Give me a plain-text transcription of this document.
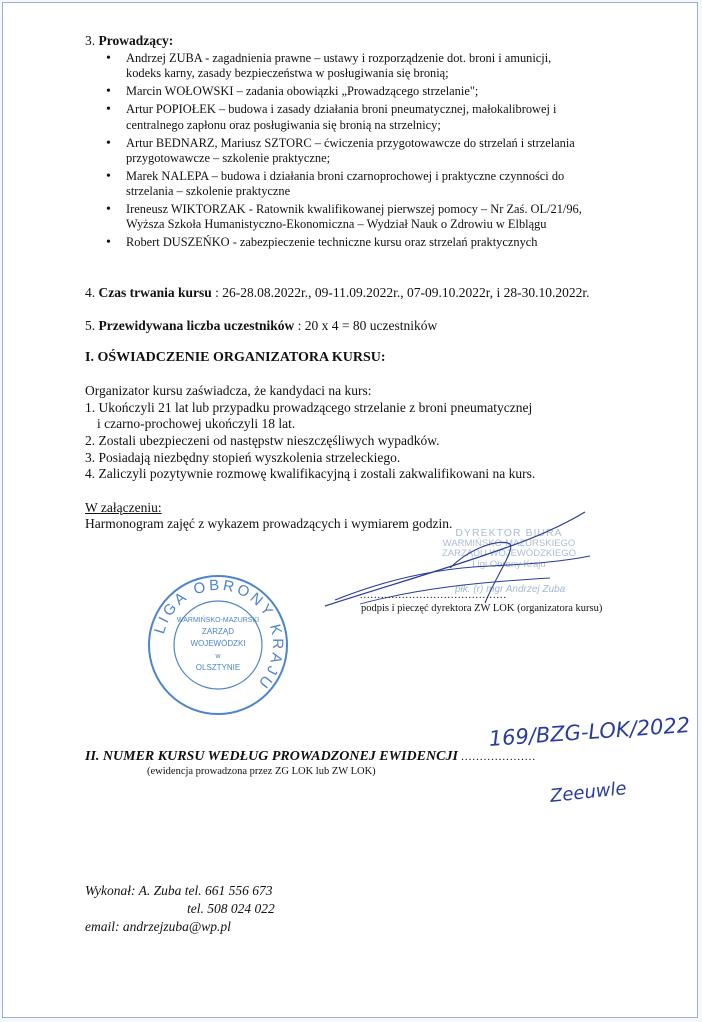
3. Prowadzący:
• Andrzej ZUBA - zagadnienia prawne – ustawy i rozporządzenie dot. broni i amunicji,
kodeks karny, zasady bezpieczeństwa w posługiwania się bronią;
• Marcin WOŁOWSKI – zadania obowiązki „Prowadzącego strzelanie";
• Artur POPIOŁEK – budowa i zasady działania broni pneumatycznej, małokalibrowej i
centralnego zapłonu oraz posługiwania się bronią na strzelnicy;
• Artur BEDNARZ, Mariusz SZTORC – ćwiczenia przygotowawcze do strzelań i strzelania
przygotowawcze – szkolenie praktyczne;
• Marek NALEPA – budowa i działania broni czarnoprochowej i praktyczne czynności do
strzelania – szkolenie praktyczne
• Ireneusz WIKTORZAK - Ratownik kwalifikowanej pierwszej pomocy – Nr Zaś. OL/21/96,
Wyższa Szkoła Humanistyczno-Ekonomiczna – Wydział Nauk o Zdrowiu w Elblągu
• Robert DUSZEŃKO - zabezpieczenie techniczne kursu oraz strzelań praktycznych
4. Czas trwania kursu : 26-28.08.2022r., 09-11.09.2022r., 07-09.10.2022r, i 28-30.10.2022r.
5. Przewidywana liczba uczestników : 20 x 4 = 80 uczestników
I. OŚWIADCZENIE ORGANIZATORA KURSU:
Organizator kursu zaświadcza, że kandydaci na kurs:
1. Ukończyli 21 lat lub przypadku prowadzącego strzelanie z broni pneumatycznej
i czarno-prochowej ukończyli 18 lat.
2. Zostali ubezpieczeni od następstw nieszczęśliwych wypadków.
3. Posiadają niezbędny stopień wyszkolenia strzeleckiego.
4. Zaliczyli pozytywnie rozmowę kwalifikacyjną i zostali zakwalifikowani na kurs.
W załączeniu:
Harmonogram zajęć z wykazem prowadzących i wymiarem godzin.
DYREKTOR BIURA
WARMIŃSKO-MAZURSKIEGO
ZARZĄDU WOJEWÓDZKIEGO
Ligi Obrony Kraju
płk. (r) mgr Andrzej Zuba
..........................................
podpis i pieczęć dyrektora ZW LOK (organizatora kursu)
LIGA OBRONY KRAJU
WARMIŃSKO-MAZURSKI
ZARZĄD
WOJEWÓDZKI
w
OLSZTYNIE
II. NUMER KURSU WEDŁUG PROWADZONEJ EWIDENCJI ....................
169/BZG-LOK/2022
(ewidencja prowadzona przez ZG LOK lub ZW LOK)
Zeeuwle
Wykonał: A. Zuba tel. 661 556 673
tel. 508 024 022
email: andrzejzuba@wp.pl
